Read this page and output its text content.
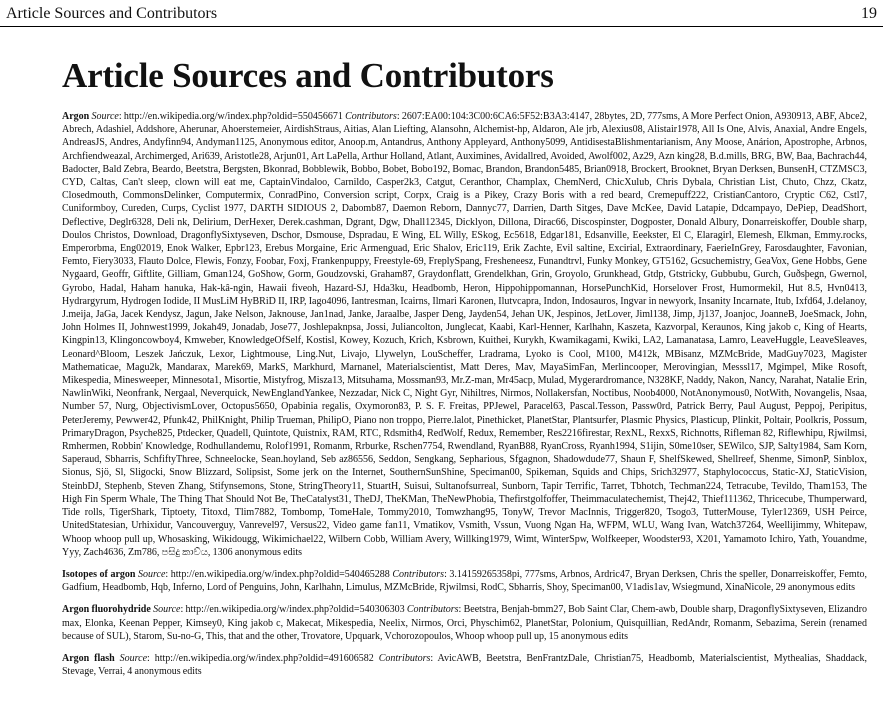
Article Sources and Contributors	19
Article Sources and Contributors

Argon Source: http://en.wikipedia.org/w/index.php?oldid=550456671 Contributors: 2607:EA00:104:3C00:6CA6:5F52:B3A3:4147, 28bytes, 2D, 777sms, A More Perfect Onion, A930913, ABF, Abce2, Abrech, Adashiel, Addshore, Aherunar, Ahoerstemeier, AirdishStraus, Aitias, Alan Liefting, Alansohn, Alchemist-hp, Aldaron, Ale jrb, Alexius08, Alistair1978, All Is One, Alvis, Anaxial, Andre Engels, AndreasJS, Andres, Andyfinn94, Andyman1125, Anonymous editor, Anoop.m, Antandrus, Anthony Appleyard, Anthony5099, AntidisestaBlishmentarianism, Any Moose, Anárion, Apostrophe, Arbnos, Archfiendweazal, Archimerged, Ari639, Aristotle28, Arjun01, Art LaPella, Arthur Holland, Atlant, Auximines, Avidallred, Avoided, Awolf002, Az29, Azn king28, B.d.mills, BRG, BW, Baa, Bachrach44, Badocter, Bald Zebra, Beardo, Beetstra, Bergsten, Bkonrad, Bobblewik, Bobbo, Bobet, Bobo192, Bomac, Brandon, Brandon5485, Brian0918, Brockert, Brooknet, Bryan Derksen, BunsenH, CTZMSC3, CYD, Caltas, Can't sleep, clown will eat me, CaptainVindaloo, Carnildo, Casper2k3, Catgut, Ceranthor, Champlax, ChemNerd, ChicXulub, Chris Dybala, Christian List, Chuto, Chzz, Ckatz, Closedmouth, CommonsDelinker, Computermix, ConradPino, Conversion script, Corpx, Craig is a Pikey, Crazy Boris with a red beard, Cremepuff222, CristianCantoro, Cryptic C62, Cstl7, Cuniformboy, Cureden, Curps, Cyclist 1977, DARTH SIDIOUS 2, Dabomb87, Daemon Reborn, Dannyc77, Darrien, Darth Sitges, Dave McKee, David Latapie, Ddcampayo, DePiep, DeadShort, Deflective, Deglr6328, Deli nk, Delirium, DerHexer, Derek.cashman, Dgrant, Dgw, Dhall12345, Dicklyon, Dillona, Dirac66, Discospinster, Dogposter, Donald Albury, Donarreiskoffer, Double sharp, Doulos Christos, Download, DragonflySixtyseven, Dschor, Dsmouse, Dspradau, E Wing, EL Willy, ESkog, Ec5618, Edgar181, Edsanville, Eeekster, El C, Elaragirl, Elemesh, Elkman, Emmy.rocks, Emperorbma, Eng02019, Enok Walker, Epbr123, Erebus Morgaine, Eric Armenguad, Eric Shalov, Eric119, Erik Zachte, Evil saltine, Excirial, Extraordinary, FaerieInGrey, Farosdaughter, Favonian, Femto, Fiery3033, Flauto Dolce, Flewis, Fonzy, Foobar, Foxj, Frankenpuppy, Freestyle-69, FreplySpang, Fresheneesz, Funandtrvl, Funky Monkey, GT5162, Gcsuchemistry, GeaVox, Gene Hobbs, Gene Nygaard, Geoffr, Giftlite, Gilliam, Gman124, GoShow, Gorm, Goudzovski, Graham87, Graydonflatt, Grendelkhan, Grin, Groyolo, Grunkhead, Gtdp, Gtstricky, Gubbubu, Gurch, Guðsþegn, Gwernol, Gyrobo, Hadal, Haham hanuka, Hak-kâ-ngìn, Hawaii fiveoh, Hazard-SJ, Hda3ku, Headbomb, Heron, Hippohippomannan, HorsePunchKid, Horselover Frost, Humormekil, Hut 8.5, Hvn0413, Hydrargyrum, Hydrogen Iodide, II MusLiM HyBRiD II, IRP, Iago4096, Iantresman, Icairns, Ilmari Karonen, Ilutvcapra, Indon, Indosauros, Ingvar in newyork, Insanity Incarnate, Itub, Ixfd64, J.delanoy, J.meija, JaGa, Jacek Kendysz, Jagun, Jake Nelson, Jaknouse, Jan1nad, Janke, Jaraalbe, Jasper Deng, Jayden54, Jehan UK, Jespinos, JetLover, Jiml138, Jimp, Jj137, Joanjoc, JoanneB, JoeSmack, John, John Holmes II, Johnwest1999, Jokah49, Jonadab, Jose77, Joshlepaknpsa, Jossi, Juliancolton, Junglecat, Kaabi, Karl-Henner, Karlhahn, Kaszeta, Kazvorpal, Keraunos, King jakob c, King of Hearts, Kingpin13, Klingoncowboy4, Kmweber, KnowledgeOfSelf, Kostisl, Kowey, Kozuch, Krich, Ksbrown, Kuithei, Kurykh, Kwamikagami, Kwiki, LA2, Lamanatasa, Lamro, LeaveHuggle, LeaveSleaves, Leonard^Bloom, Leszek Jańczuk, Lexor, Lightmouse, Ling.Nut, Livajo, Llywelyn, LouScheffer, Lradrama, Lyoko is Cool, M100, M412k, MBisanz, MZMcBride, MadGuy7023, Magister Mathematicae, Magu2k, Mandarax, Marek69, MarkS, Markhurd, Marnanel, Materialscientist, Matt Deres, Mav, MayaSimFan, Merlincooper, Merovingian, Messsl17, Mgimpel, Mike Rosoft, Mikespedia, Minesweeper, Minnesota1, Misortie, Mistyfrog, Misza13, Mitsuhama, Mossman93, Mr.Z-man, Mr45acp, Mulad, Mygerardromance, N328KF, Naddy, Nakon, Nancy, Narahat, Natalie Erin, NawlinWiki, Neonfrank, Nergaal, Neverquick, NewEnglandYankee, Nezzadar, Nick C, Night Gyr, Nihiltres, Nirmos, Nollakersfan, Noctibus, Noob4000, NotAnonymous0, NotWith, Novangelis, Nsaa, Number 57, Nurg, ObjectivismLover, Octopus5650, Opabinia regalis, Oxymoron83, P. S. F. Freitas, PPJewel, Paracel63, Pascal.Tesson, Passw0rd, Patrick Berry, Paul August, Peppoj, Peripitus, PeterJeremy, Pewwer42, Pfunk42, PhilKnight, Philip Trueman, PhilipO, Piano non troppo, Pierre.lalot, Pinethicket, PlanetStar, Plantsurfer, Plasmic Physics, Plasticup, Plinkit, Poltair, Poolkris, Possum, PrimaryDragon, Psyche825, Ptdecker, Quadell, Quintote, Quistnix, RAM, RTC, Rdsmith4, RedWolf, Redux, Remember, Res2216firestar, RexNL, RexxS, Richnotts, Rifleman 82, Riflewhipu, Rjwilmsi, Rmhermen, Robbin' Knowledge, Rodhullandemu, Rolof1991, Romanm, Rrburke, Rschen7754, Rwendland, RyanB88, RyanCross, Ryanh1994, S1ijin, S0me10ser, SEWilco, SJP, Salty1984, Sam Korn, Saperaud, Sbharris, SchfiftyThree, Schneelocke, Sean.hoyland, Seb az86556, Seddon, Sengkang, Sepharious, Sfgagnon, Shadowdude77, Shaun F, ShelfSkewed, Shellreef, Shenme, SimonP, Sinblox, Sionus, Sjö, Sl, Sligocki, Snow Blizzard, Solipsist, Some jerk on the Internet, SouthernSunShine, Speciman00, Spikeman, Squids and Chips, Srich32977, Staphylococcus, Static-XJ, StaticVision, SteinbDJ, Stephenb, Steven Zhang, Stifynsemons, Stone, StringTheory11, StuartH, Suisui, Sultanofsurreal, Sunborn, Tapir Terrific, Tarret, Tbhotch, Techman224, Tetracube, Tevildo, Tham153, The High Fin Sperm Whale, The Thing That Should Not Be, TheCatalyst31, TheDJ, TheKMan, TheNewPhobia, Thefirstgolfoffer, Theimmaculatechemist, Thej42, Thief111362, Thricecube, Thumperward, Tide rolls, TigerShark, Tiptoety, Titoxd, Tlim7882, Tombomp, TomeHale, Tommy2010, Tomwzhang95, TonyW, Trevor MacInnis, Trigger820, Tsogo3, TutterMouse, Tyler12369, USH Peirce, UnitedStatesian, Urhixidur, Vancouverguy, Vanrevel97, Versus22, Video game fan11, Vmatikov, Vsmith, Vssun, Vuong Ngan Ha, WFPM, WLU, Wang Ivan, Watch37264, Weellijimmy, Whitepaw, Whoop whoop pull up, Whosasking, Wikidougg, Wikimichael22, Wilbern Cobb, William Avery, Willking1979, Wimt, WinterSpw, Wolfkeeper, Woodster93, X201, Yamamoto Ichiro, Yath, Youandme, Yyy, Zach4636, Zm786, පසිදු කාව්ය, 1306 anonymous edits

Isotopes of argon Source: http://en.wikipedia.org/w/index.php?oldid=540465288 Contributors: 3.14159265358pi, 777sms, Arbnos, Ardric47, Bryan Derksen, Chris the speller, Donarreiskoffer, Femto, Gadfium, Headbomb, Hqb, Inferno, Lord of Penguins, John, Karlhahn, Limulus, MZMcBride, Rjwilmsi, RodC, Sbharris, Shoy, Speciman00, V1adis1av, Wsiegmund, XinaNicole, 29 anonymous edits

Argon fluorohydride Source: http://en.wikipedia.org/w/index.php?oldid=540306303 Contributors: Beetstra, Benjah-bmm27, Bob Saint Clar, Chem-awb, Double sharp, DragonflySixtyseven, Elizandro max, Elonka, Keenan Pepper, Kimsey0, King jakob c, Makecat, Mikespedia, Neelix, Nirmos, Orci, Physchim62, PlanetStar, Polonium, Quisquillian, RedAndr, Romanm, Sebazima, Serein (renamed because of SUL), Starom, Su-no-G, This, that and the other, Trovatore, Upquark, Vchorozopoulos, Whoop whoop pull up, 15 anonymous edits

Argon flash Source: http://en.wikipedia.org/w/index.php?oldid=491606582 Contributors: AvicAWB, Beetstra, BenFrantzDale, Christian75, Headbomb, Materialscientist, Mythealias, Shaddack, Stevage, Verrai, 4 anonymous edits
